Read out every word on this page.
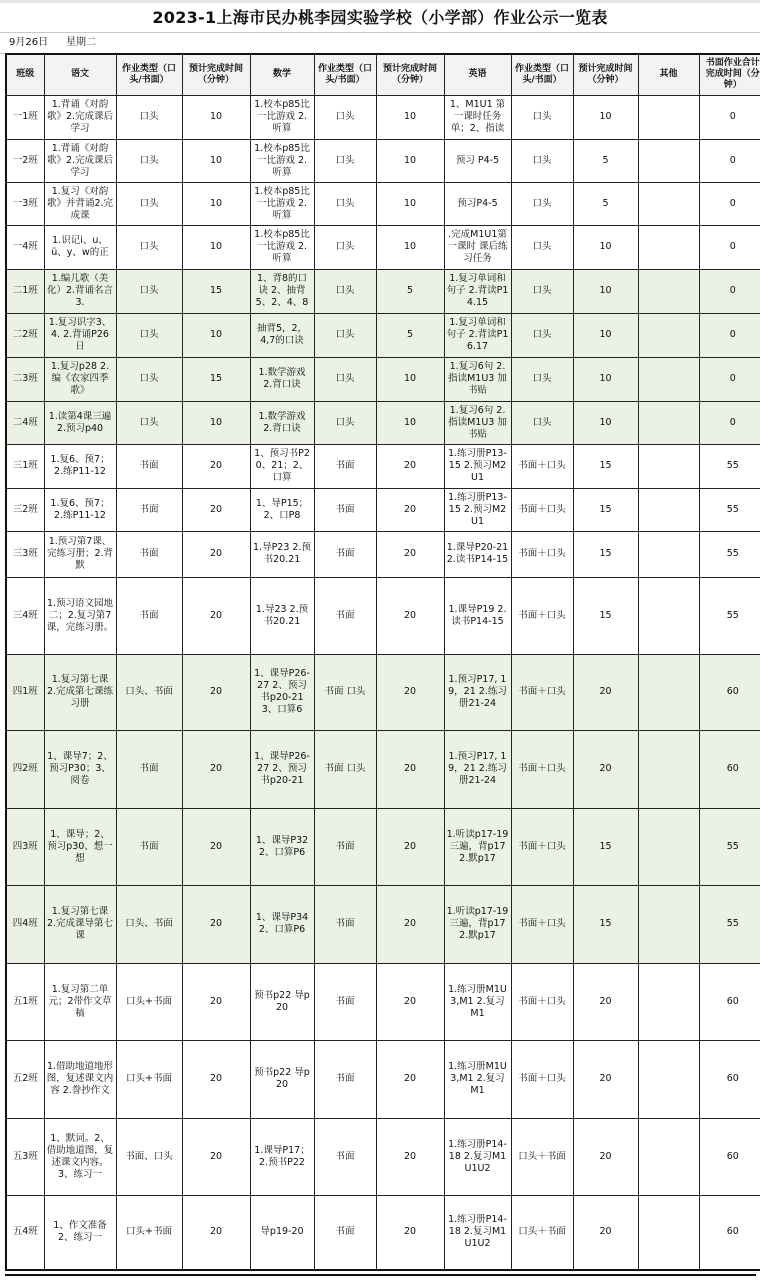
2023-1上海市民办桃李园实验学校（小学部）作业公示一览表
9月26日 星期二
班级	语文	作业类型（口头/书面）	预计完成时间（分钟）	数学	作业类型（口头/书面）	预计完成时间（分钟）	英语	作业类型（口头/书面）	预计完成时间（分钟）	其他	书面作业合计完成时间（分钟）

一1班	1.背诵《对韵歌》2.完成课后学习	口头	10	1.校本p85比一比游戏 2.听算	口头	10	1、M1U1 第一课时任务单；2、指读	口头	10		0

一2班	1.背诵《对韵歌》2.完成课后学习	口头	10	1.校本p85比一比游戏 2.听算	口头	10	预习 P4-5	口头	5		0

一3班	1.复习《对韵歌》并背诵2.完成课	口头	10	1.校本p85比一比游戏 2.听算	口头	10	预习P4-5	口头	5		0

一4班	1.识记i、u、ü、y、w的正	口头	10	1.校本p85比一比游戏 2.听算	口头	10	.完成M1U1第一课时 课后练习任务	口头	10		0

二1班	1.编儿歌（美化）2.背诵名言3.	口头	15	1、背8的口诀 2、抽背5、2、4、8	口头	5	1.复习单词和句子 2.背读P14.15	口头	10		0

二2班	1.复习识字3、4. 2.背诵P26日	口头	10	抽背5，2，4,7的口诀	口头	5	1.复习单词和句子 2.背读P16.17	口头	10		0

二3班	1.复习p28 2.编《农家四季歌》	口头	15	1.数学游戏 2.背口诀	口头	10	1.复习6句 2.指读M1U3 加书贴	口头	10		0

二4班	1.读第4课三遍2.预习p40	口头	10	1.数学游戏 2.背口诀	口头	10	1.复习6句 2.指读M1U3 加书贴	口头	10		0

三1班	1.复6、预7；2.练P11-12	书面	20	1、预习书P20、21；2、口算	书面	20	1.练习册P13-15 2.预习M2U1	书面＋口头	15		55

三2班	1.复6、预7；2.练P11-12	书面	20	1、导P15；2、口P8	书面	20	1.练习册P13-15 2.预习M2U1	书面＋口头	15		55

三3班	1.预习第7课、完练习册；2.背默	书面	20	1.导P23 2.预书20.21	书面	20	1.课导P20-21 2.读书P14-15	书面＋口头	15		55

三4班	1.预习语文园地二；2.复习第7课，完练习册。	书面	20	1.导23 2.预书20.21	书面	20	1.课导P19 2.读书P14-15	书面＋口头	15		55

四1班	1.复习第七课 2.完成第七课练习册	口头、书面	20	1、课导P26-27 2、预习书p20-21 3、口算6	书面 口头	20	1.预习P17, 19，21 2.练习册21-24	书面＋口头	20		60

四2班	1、课导7；2、预习P30；3、阅卷	书面	20	1、课导P26-27 2、预习书p20-21	书面 口头	20	1.预习P17, 19，21 2.练习册21-24	书面＋口头	20		60

四3班	1、课导；2、预习p30、想一想	书面	20	1、课导P32 2、口算P6	书面	20	1.听读p17-19三遍，背p17 2.默p17	书面＋口头	15		55

四4班	1.复习第七课 2.完成课导第七课	口头、书面	20	1、课导P34 2、口算P6	书面	20	1.听读p17-19三遍，背p17 2.默p17	书面＋口头	15		55

五1班	1.复习第二单元；2带作文草稿	口头+书面	20	预书p22 导p20	书面	20	1.练习册M1U3,M1 2.复习M1	书面＋口头	20		60

五2班	1.借助地道地形图，复述课文内容 2.誊抄作文	口头+书面	20	预书p22 导p20	书面	20	1.练习册M1U3,M1 2.复习M1	书面＋口头	20		60

五3班	1、默词。2、借助地道图，复述课文内容。3、练习一	书面、口头	20	1.课导P17；2.预书P22	书面	20	1.练习册P14-18 2.复习M1U1U2	口头＋书面	20		60

五4班	1、作文准备 2、练习一	口头+书面	20	导p19-20	书面	20	1.练习册P14-18 2.复习M1U1U2	口头＋书面	20		60
